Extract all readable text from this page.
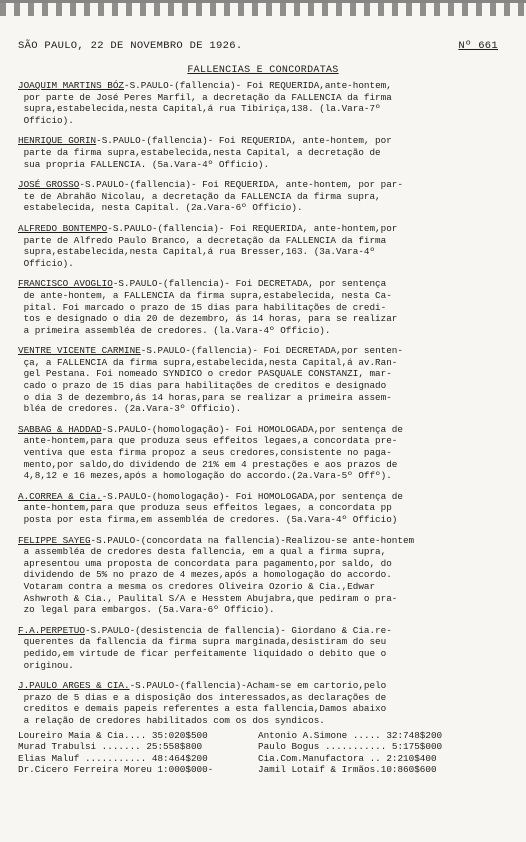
SÃO PAULO, 22 DE NOVEMBRO DE 1926.	Nº 661
FALLENCIAS E CONCORDATAS
JOAQUIM MARTINS BÓZ-S.PAULO-(fallencia)- Foi REQUERIDA,ante-hontem,
por parte de José Peres Marfil, a decretação da FALLENCIA da firma
supra,estabelecida,nesta Capital,á rua Tibiriça,138. (la.Vara-7º
Officio).
HENRIQUE GORIN-S.PAULO-(fallencia)- Foi REQUERIDA, ante-hontem, por
parte da firma supra,estabelecida,nesta Capital, a decretação de
sua propria FALLENCIA. (5a.Vara-4º Officio).
JOSÉ GROSSO-S.PAULO-(fallencia)- Foi REQUERIDA, ante-hontem, por par-
te de Abrahão Nicolau, a decretação da FALLENCIA da firma supra,
estabelecida, nesta Capital. (2a.Vara-6º Officio).
ALFREDO BONTEMPO-S.PAULO-(fallencia)- Foi REQUERIDA, ante-hontem,por
parte de Alfredo Paulo Branco, a decretação da FALLENCIA da firma
supra,estabelecida,nesta Capital,á rua Bresser,163. (3a.Vara-4º
Officio).
FRANCISCO AVOGLIO-S.PAULO-(fallencia)- Foi DECRETADA, por sentença
de ante-hontem, a FALLENCIA da firma supra,estabelecida, nesta Ca-
pital. Foi marcado o prazo de 15 dias para habilitações de credi-
tos e designado o dia 20 de dezembro, ás 14 horas, para se realizar
a primeira assembléa de credores. (la.Vara-4º Officio).
VENTRE VICENTE CARMINE-S.PAULO-(fallencia)- Foi DECRETADA,por senten-
ça, a FALLENCIA da firma supra,estabelecida,nesta Capital,á av.Ran-
gel Pestana. Foi nomeado SYNDICO o credor PASQUALE CONSTANZI, mar-
cado o prazo de 15 dias para habilitações de creditos e designado
o dia 3 de dezembro,ás 14 horas,para se realizar a primeira assem-
bléa de credores. (2a.Vara-3º Officio).
SABBAG & HADDAD-S.PAULO-(homologação)- Foi HOMOLOGADA,por sentença de
ante-hontem,para que produza seus effeitos legaes,a concordata pre-
ventiva que esta firma propoz a seus credores,consistente no paga-
mento,por saldo,do dividendo de 21% em 4 prestações e aos prazos de
4,8,12 e 16 mezes,após a homologação do accordo.(2a.Vara-5º Offº).
A.CORREA & Cia.-S.PAULO-(homologação)- Foi HOMOLOGADA,por sentença de
ante-hontem,para que produza seus effeitos legaes, a concordata pp
posta por esta firma,em assembléa de credores. (5a.Vara-4º Officio)
FELIPPE SAYEG-S.PAULO-(concordata na fallencia)-Realizou-se ante-hontem
a assembléa de credores desta fallencia, em a qual a firma supra,
apresentou uma proposta de concordata para pagamento,por saldo, do
dividendo de 5% no prazo de 4 mezes,após a homologação do accordo.
Votaram contra a mesma os credores Oliveira Ozorio & Cia.,Edwar
Ashwroth & Cia., Paulital S/A e Hesstem Abujabra,que pediram o pra-
zo legal para embargos. (5a.Vara-6º Officio).
F.A.PERPETUO-S.PAULO-(desistencia de fallencia)- Giordano & Cia.re-
querentes da fallencia da firma supra marginada,desistiram do seu
pedido,em virtude de ficar perfeitamente liquidado o debito que o
originou.
J.PAULO ARGES & CIA.-S.PAULO-(fallencia)-Acham-se em cartorio,pelo
prazo de 5 dias e a disposição dos interessados,as declarações de
creditos e demais papeis referentes a esta fallencia,Damos abaixo
a relação de credores habilitados com os dos syndicos.
Loureiro Maia & Cia.... 35:020$500	Antonio A.Simone ..... 32:748$200
Murad Trabulsi ....... 25:558$800	Paulo Bogus ........... 5:175$000
Elias Maluf ........... 48:464$200	Cia.Com.Manufactora .. 2:210$400
Dr.Cicero Ferreira Moreu 1:000$000-	Jamil Lotaif & Irmãos.10:860$600
